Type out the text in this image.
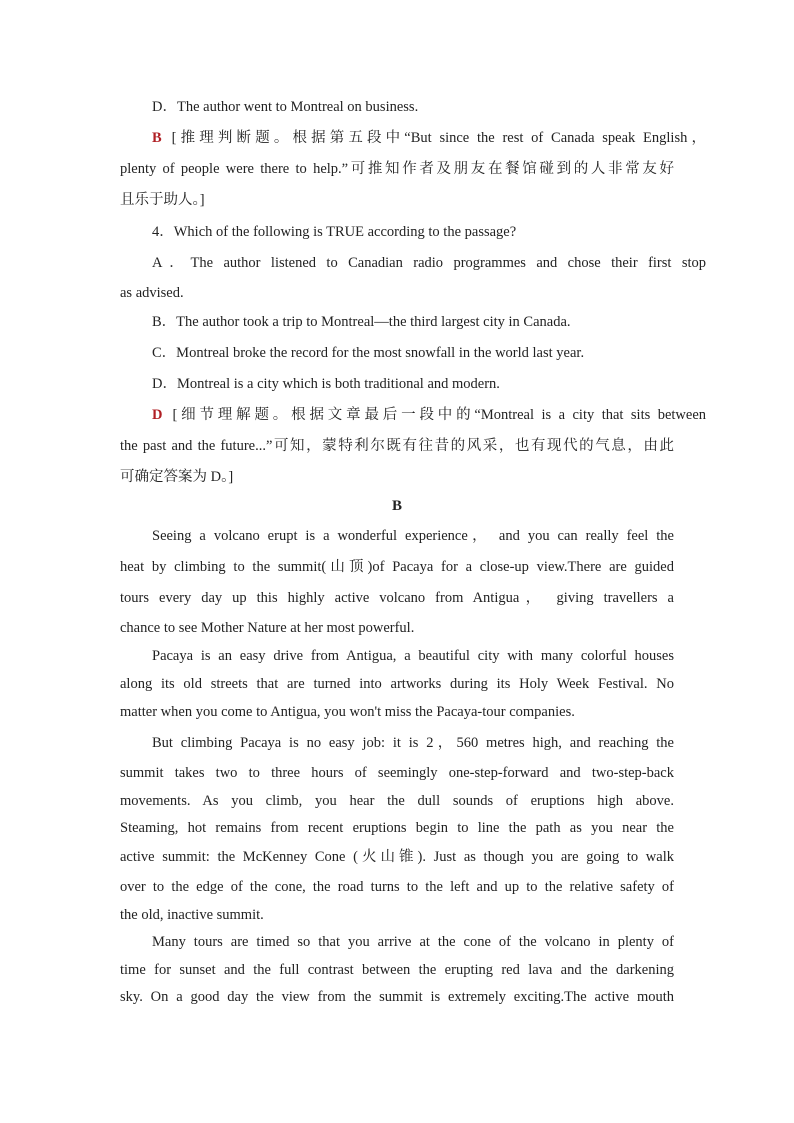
D．The author went to Montreal on business.
B [推理判断题。根据第五段中“But since the rest of Canada speak English，
plenty of people were there to help.”可推知作者及朋友在餐馆碰到的人非常友好
且乐于助人。]
4．Which of the following is TRUE according to the passage?
A．The author listened to Canadian radio programmes and chose their first stop
as advised.
B．The author took a trip to Montreal—the third largest city in Canada.
C．Montreal broke the record for the most snowfall in the world last year.
D．Montreal is a city which is both traditional and modern.
D [细节理解题。根据文章最后一段中的“Montreal is a city that sits between
the past and the future...”可知，蒙特利尔既有往昔的风采，也有现代的气息，由此
可确定答案为 D。]
B
Seeing a volcano erupt is a wonderful experience， and you can really feel the
heat by climbing to the summit(山顶)of Pacaya for a close-up view.There are guided
tours every day up this highly active volcano from Antigua， giving travellers a
chance to see Mother Nature at her most powerful.
Pacaya is an easy drive from Antigua, a beautiful city with many colorful houses
along its old streets that are turned into artworks during its Holy Week Festival. No
matter when you come to Antigua, you won't miss the Pacaya-tour companies.
But climbing Pacaya is no easy job: it is 2，560 metres high, and reaching the
summit takes two to three hours of seemingly one-step-forward and two-step-back
movements. As you climb, you hear the dull sounds of eruptions high above.
Steaming, hot remains from recent eruptions begin to line the path as you near the
active summit: the McKenney Cone (火山锥). Just as though you are going to walk
over to the edge of the cone, the road turns to the left and up to the relative safety of
the old, inactive summit.
Many tours are timed so that you arrive at the cone of the volcano in plenty of
time for sunset and the full contrast between the erupting red lava and the darkening
sky. On a good day the view from the summit is extremely exciting.The active mouth
